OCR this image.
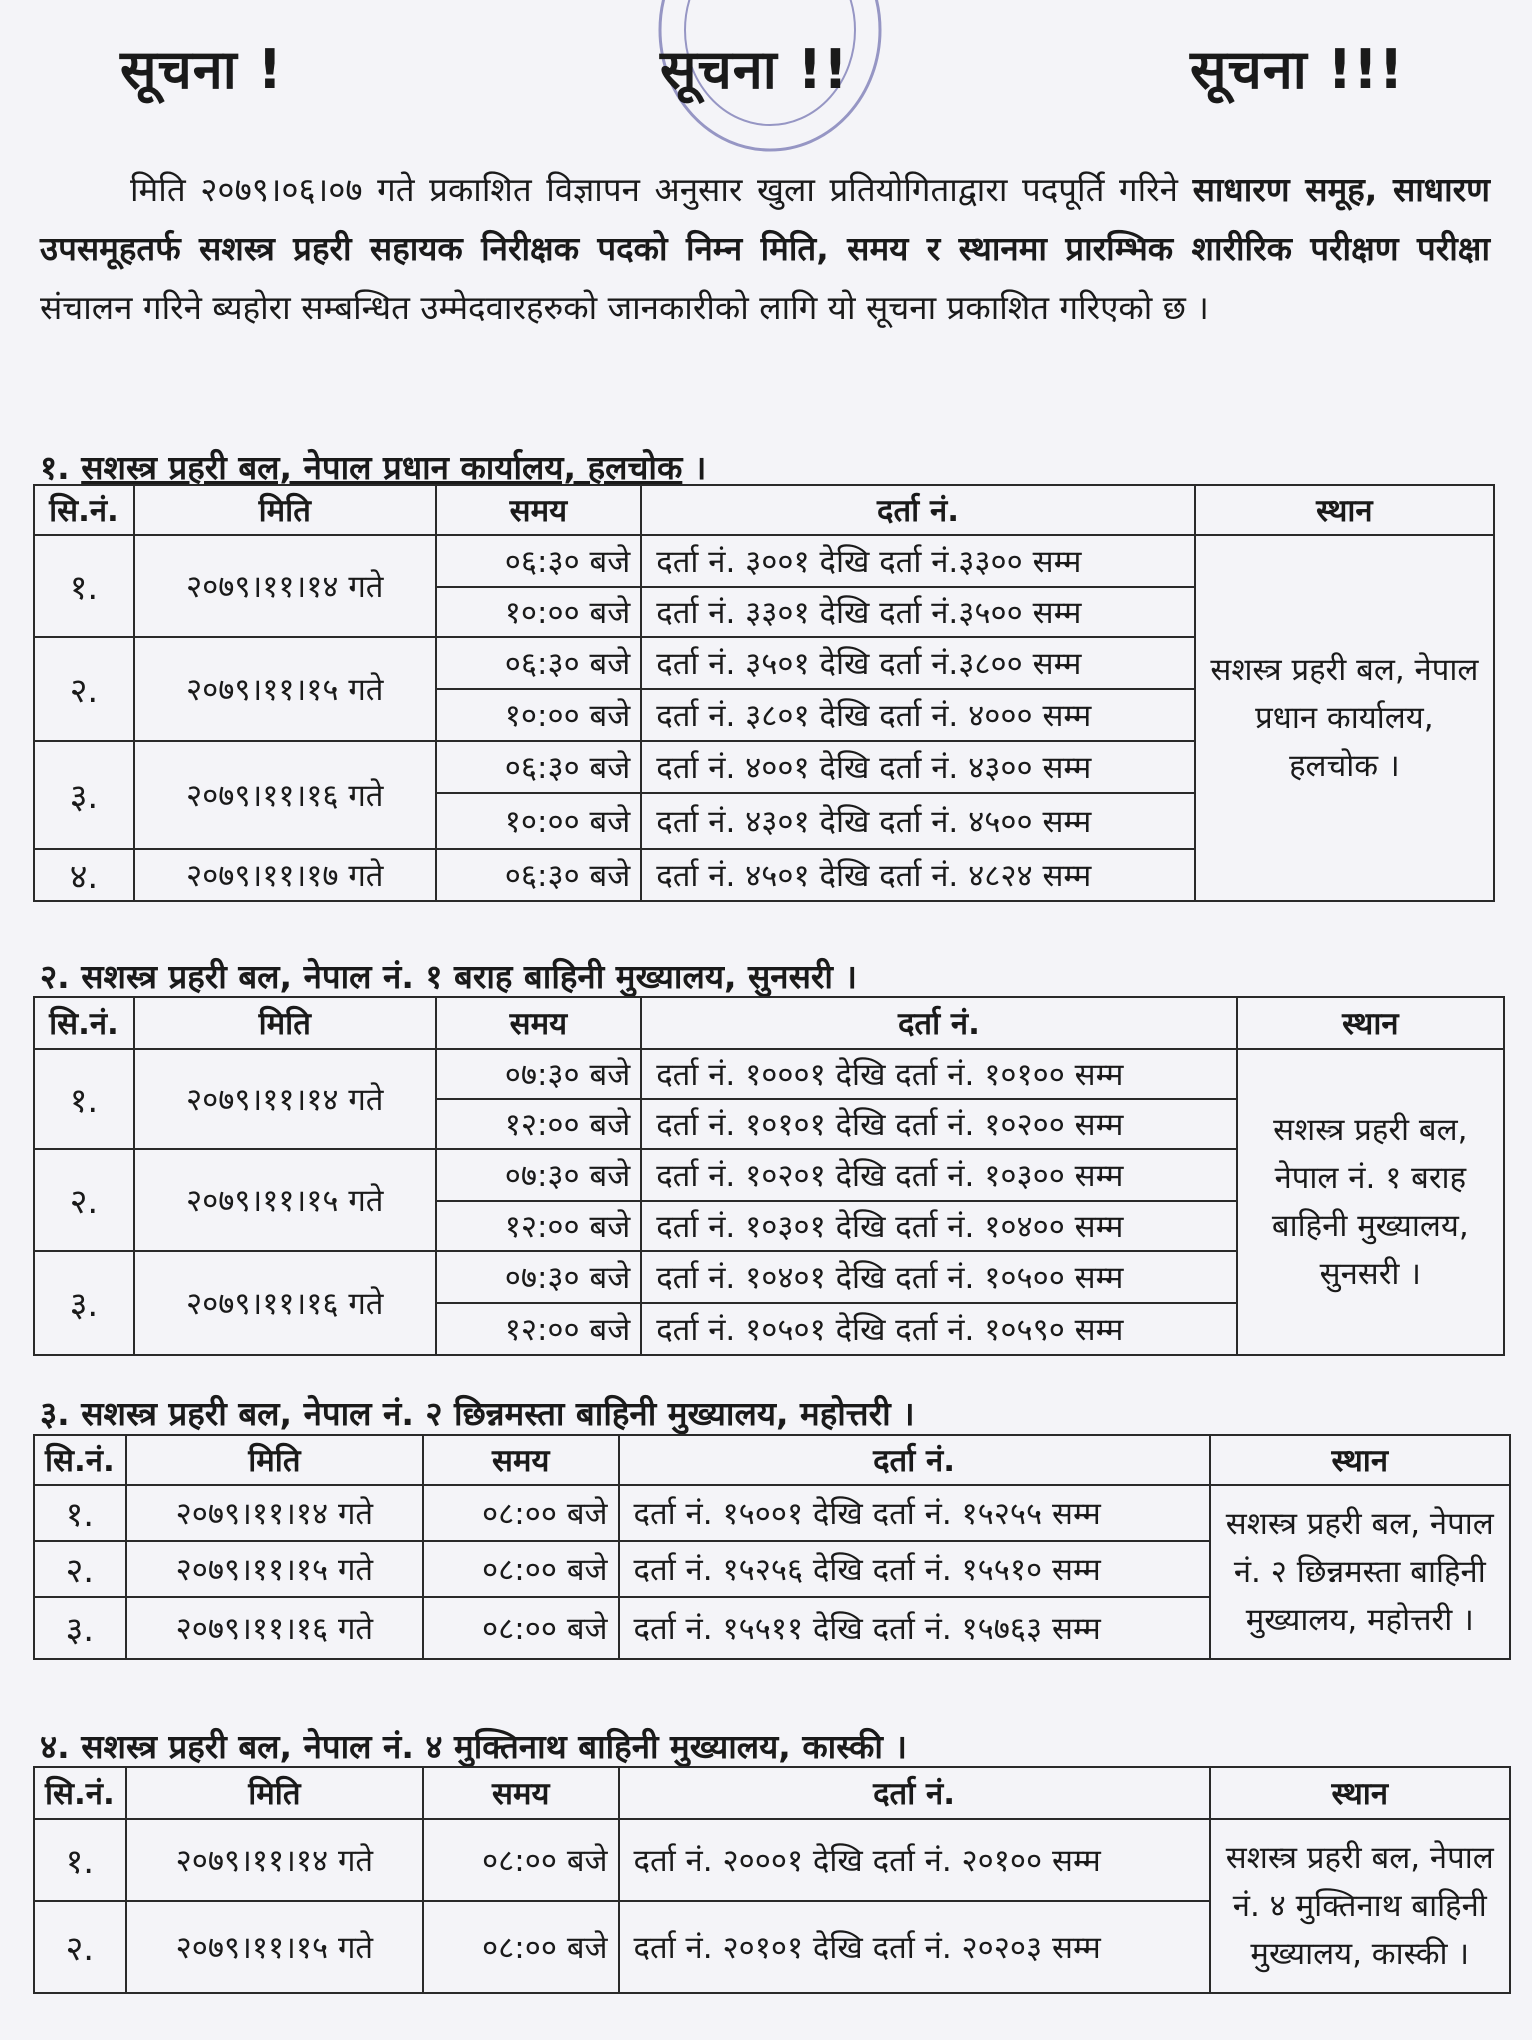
सूचना !	सूचना !!	सूचना !!!
मिति २०७९।०६।०७ गते प्रकाशित विज्ञापन अनुसार खुला प्रतियोगिताद्वारा पदपूर्ति गरिने साधारण समूह, साधारण उपसमूहतर्फ सशस्त्र प्रहरी सहायक निरीक्षक पदको निम्न मिति, समय र स्थानमा प्रारम्भिक शारीरिक परीक्षण परीक्षा संचालन गरिने ब्यहोरा सम्बन्धित उम्मेदवारहरुको जानकारीको लागि यो सूचना प्रकाशित गरिएको छ ।
१. सशस्त्र प्रहरी बल, नेपाल प्रधान कार्यालय, हलचोक ।
२. सशस्त्र प्रहरी बल, नेपाल नं. १ बराह बाहिनी मुख्यालय, सुनसरी ।
३. सशस्त्र प्रहरी बल, नेपाल नं. २ छिन्नमस्ता बाहिनी मुख्यालय, महोत्तरी ।
४. सशस्त्र प्रहरी बल, नेपाल नं. ४ मुक्तिनाथ बाहिनी मुख्यालय, कास्की ।
सि.नं.	मिति	समय	दर्ता नं.	स्थान
१.	२०७९।११।१४ गते	०६:३० बजे	दर्ता नं. ३००१ देखि दर्ता नं.३३०० सम्म	सशस्त्र प्रहरी बल, नेपाल प्रधान कार्यालय, हलचोक ।
		१०:०० बजे	दर्ता नं. ३३०१ देखि दर्ता नं.३५०० सम्म	
२.	२०७९।११।१५ गते	०६:३० बजे	दर्ता नं. ३५०१ देखि दर्ता नं.३८०० सम्म	
		१०:०० बजे	दर्ता नं. ३८०१ देखि दर्ता नं. ४००० सम्म	
३.	२०७९।११।१६ गते	०६:३० बजे	दर्ता नं. ४००१ देखि दर्ता नं. ४३०० सम्म	
		१०:०० बजे	दर्ता नं. ४३०१ देखि दर्ता नं. ४५०० सम्म	
४.	२०७९।११।१७ गते	०६:३० बजे	दर्ता नं. ४५०१ देखि दर्ता नं. ४८२४ सम्म	
सि.नं.	मिति	समय	दर्ता नं.	स्थान
१.	२०७९।११।१४ गते	०७:३० बजे	दर्ता नं. १०००१ देखि दर्ता नं. १०१०० सम्म	सशस्त्र प्रहरी बल, नेपाल नं. १ बराह बाहिनी मुख्यालय, सुनसरी ।
		१२:०० बजे	दर्ता नं. १०१०१ देखि दर्ता नं. १०२०० सम्म	
२.	२०७९।११।१५ गते	०७:३० बजे	दर्ता नं. १०२०१ देखि दर्ता नं. १०३०० सम्म	
		१२:०० बजे	दर्ता नं. १०३०१ देखि दर्ता नं. १०४०० सम्म	
३.	२०७९।११।१६ गते	०७:३० बजे	दर्ता नं. १०४०१ देखि दर्ता नं. १०५०० सम्म	
		१२:०० बजे	दर्ता नं. १०५०१ देखि दर्ता नं. १०५९० सम्म	
सि.नं.	मिति	समय	दर्ता नं.	स्थान
१.	२०७९।११।१४ गते	०८:०० बजे	दर्ता नं. १५००१ देखि दर्ता नं. १५२५५ सम्म	सशस्त्र प्रहरी बल, नेपाल नं. २ छिन्नमस्ता बाहिनी मुख्यालय, महोत्तरी ।
२.	२०७९।११।१५ गते	०८:०० बजे	दर्ता नं. १५२५६ देखि दर्ता नं. १५५१० सम्म	
३.	२०७९।११।१६ गते	०८:०० बजे	दर्ता नं. १५५११ देखि दर्ता नं. १५७६३ सम्म	
सि.नं.	मिति	समय	दर्ता नं.	स्थान
१.	२०७९।११।१४ गते	०८:०० बजे	दर्ता नं. २०००१ देखि दर्ता नं. २०१०० सम्म	सशस्त्र प्रहरी बल, नेपाल नं. ४ मुक्तिनाथ बाहिनी मुख्यालय, कास्की ।
२.	२०७९।११।१५ गते	०८:०० बजे	दर्ता नं. २०१०१ देखि दर्ता नं. २०२०३ सम्म	
